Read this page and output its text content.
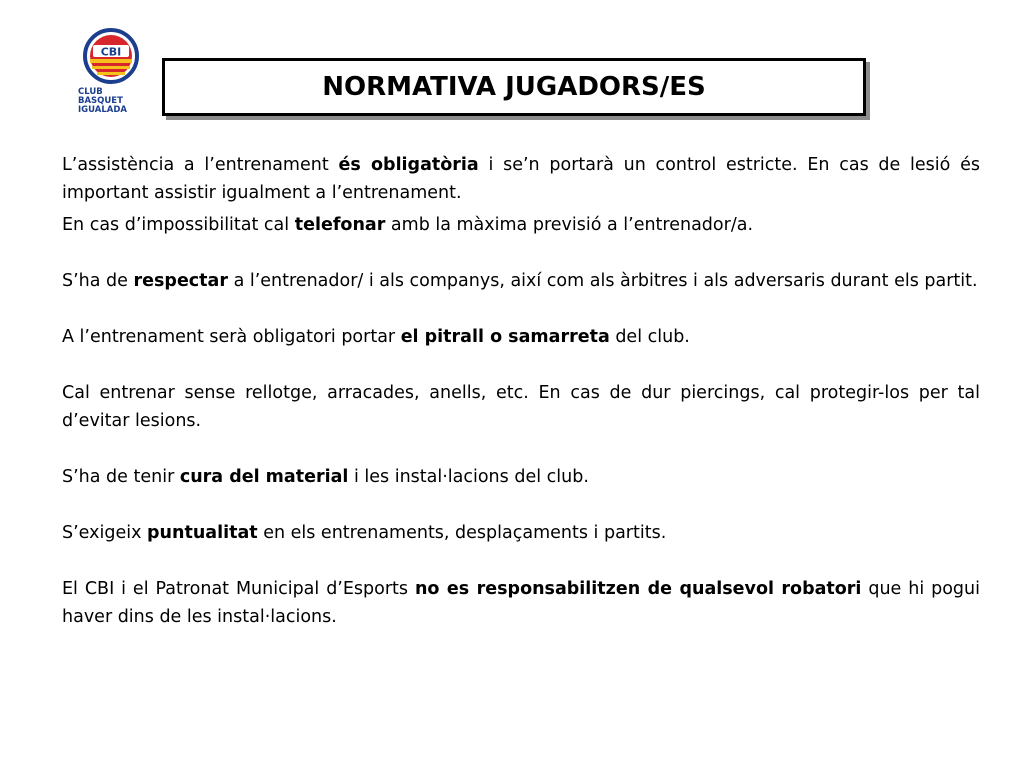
CBI
CLUB
BASQUET
IGUALADA
NORMATIVA JUGADORS/ES

L’assistència a l’entrenament és obligatòria i se’n portarà un control estricte. En cas de lesió és important assistir igualment a l’entrenament.

En cas d’impossibilitat cal telefonar amb la màxima previsió a l’entrenador/a.

S’ha de respectar a l’entrenador/ i als companys, així com als àrbitres i als adversaris durant els partit.

A l’entrenament serà obligatori portar el pitrall o samarreta del club.

Cal entrenar sense rellotge, arracades, anells, etc. En cas de dur piercings, cal protegir-los per tal d’evitar lesions.

S’ha de tenir cura del material i les instal·lacions del club.

S’exigeix puntualitat en els entrenaments, desplaçaments i partits.

El CBI i el Patronat Municipal d’Esports no es responsabilitzen de qualsevol robatori que hi pogui haver dins de les instal·lacions.
